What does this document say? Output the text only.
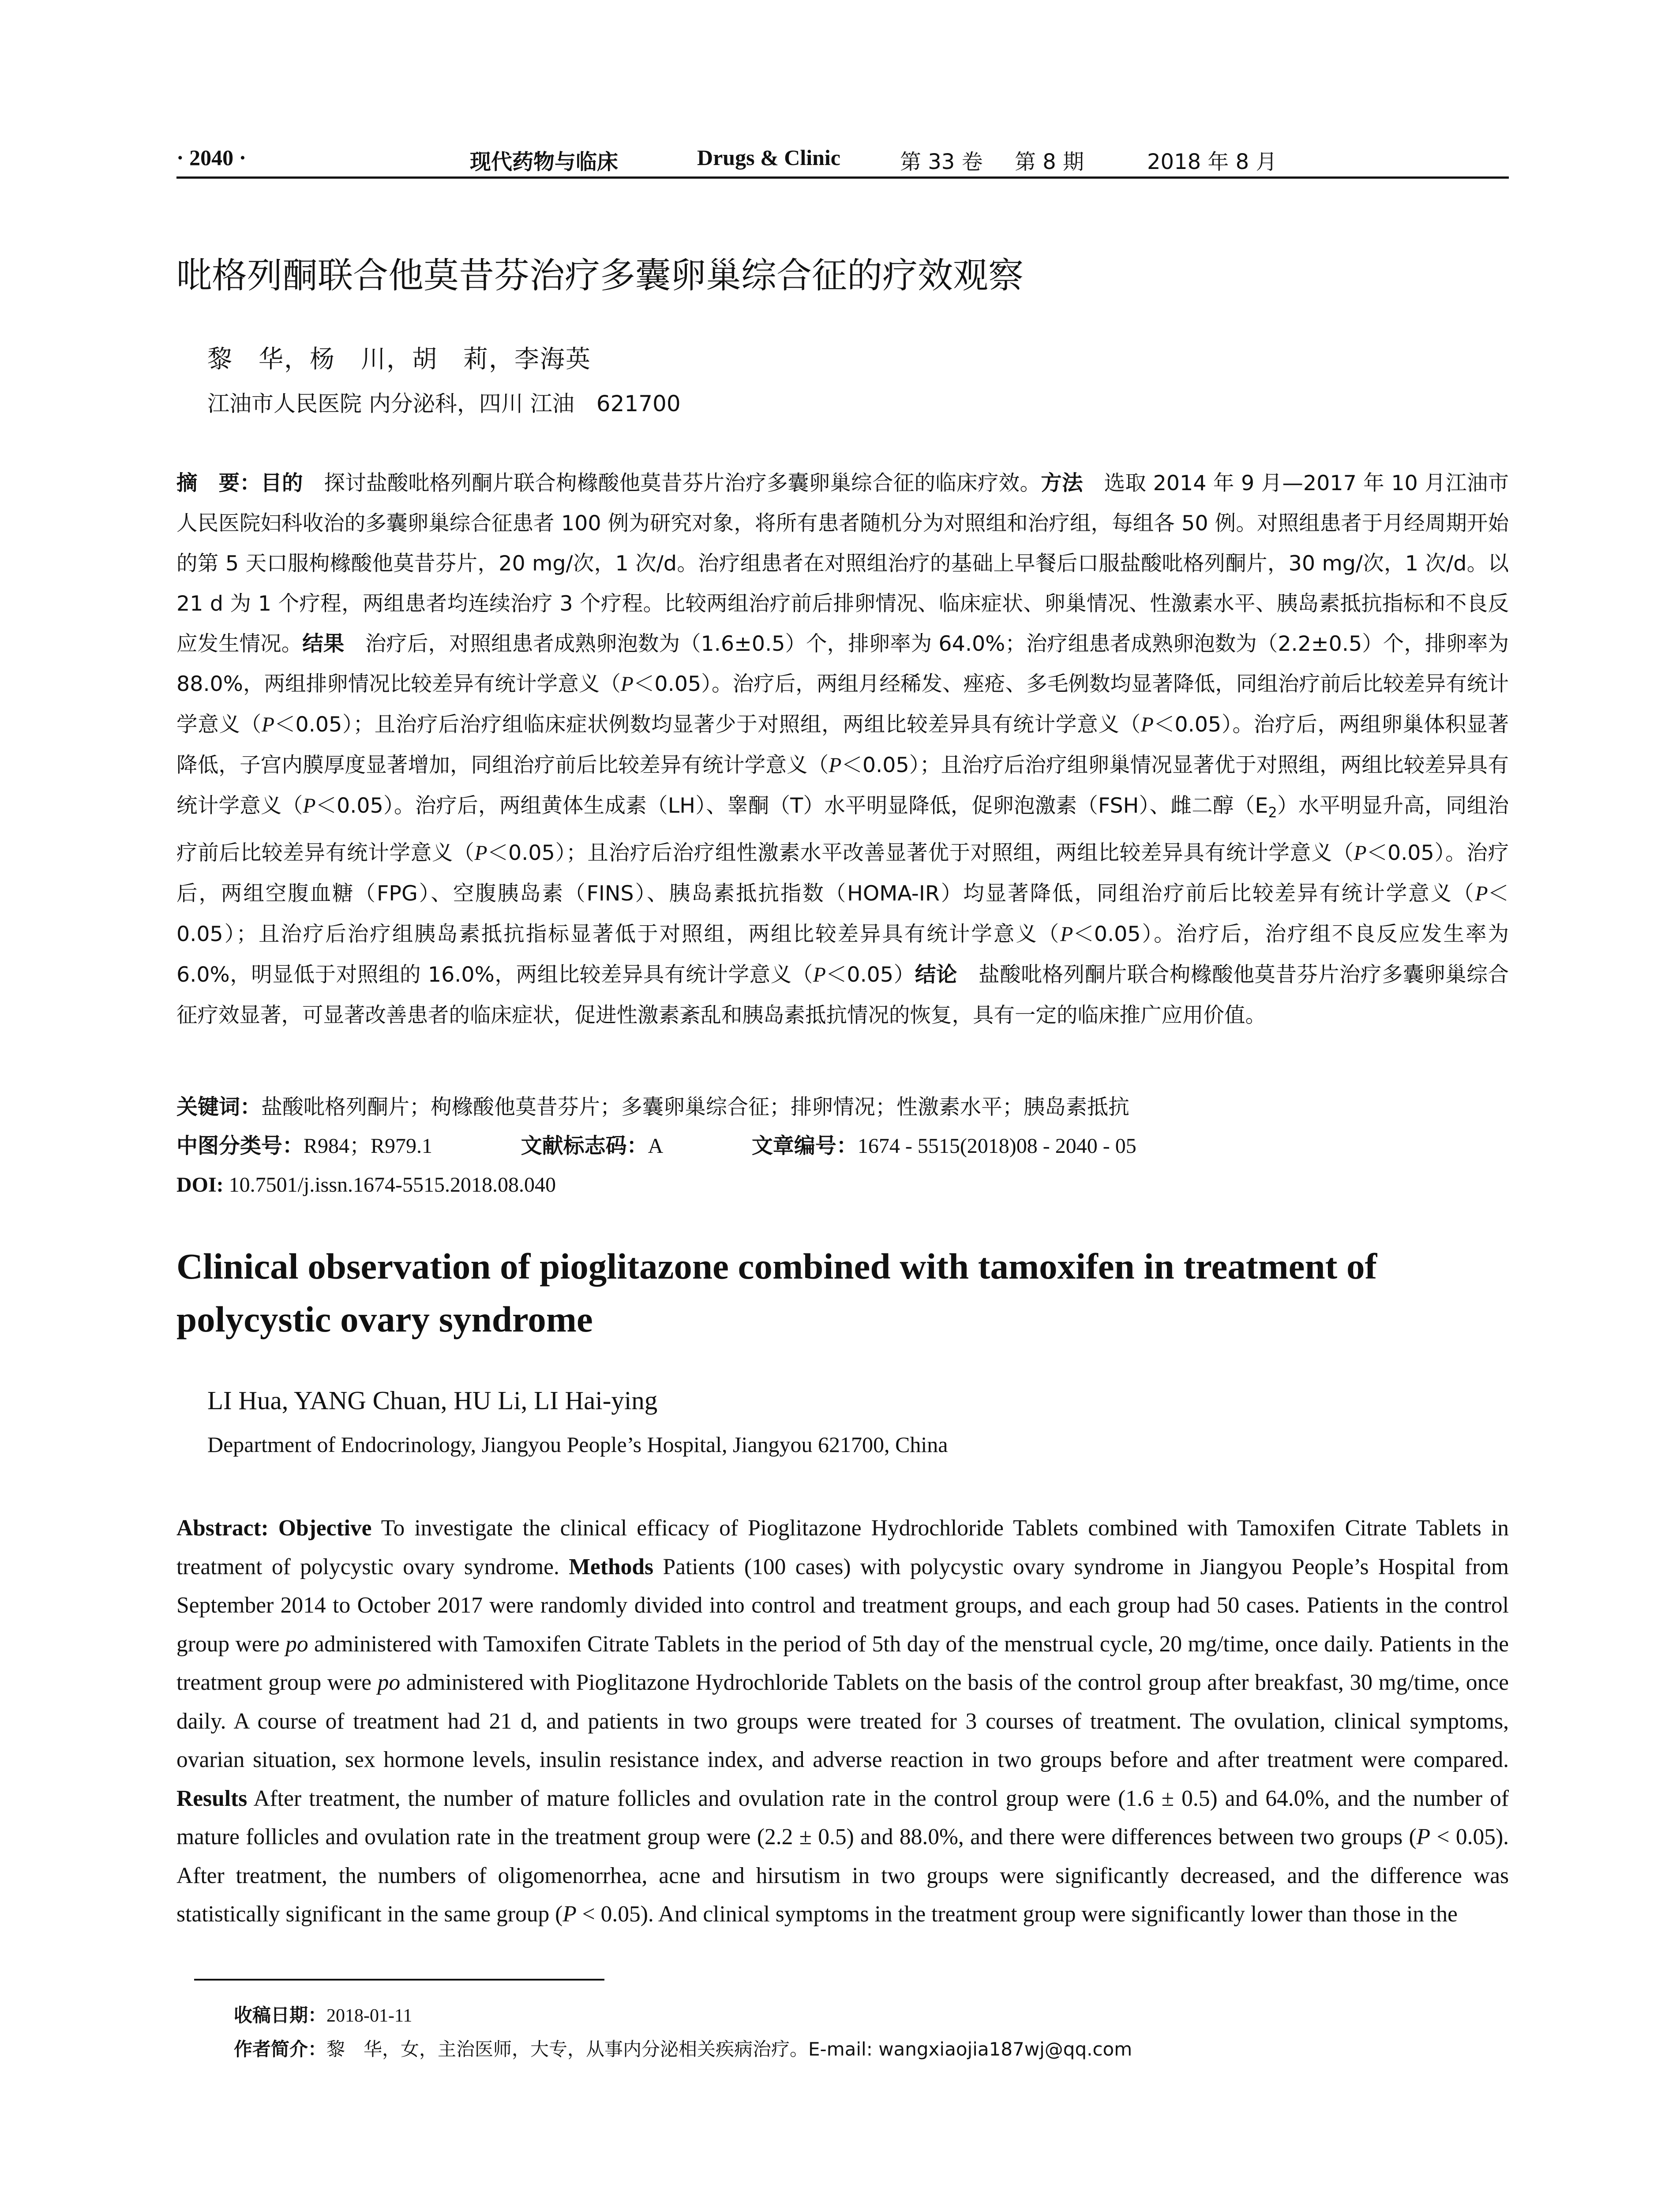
· 2040 ·	现代药物与临床	Drugs & Clinic	第 33 卷 第 8 期	2018 年 8 月
吡格列酮联合他莫昔芬治疗多囊卵巢综合征的疗效观察
黎　华，杨　川，胡　莉，李海英
江油市人民医院 内分泌科，四川 江油　621700
摘　要：目的　探讨盐酸吡格列酮片联合枸橼酸他莫昔芬片治疗多囊卵巢综合征的临床疗效。方法　选取 2014 年 9 月—2017 年 10 月江油市人民医院妇科收治的多囊卵巢综合征患者 100 例为研究对象，将所有患者随机分为对照组和治疗组，每组各 50 例。对照组患者于月经周期开始的第 5 天口服枸橼酸他莫昔芬片，20 mg/次，1 次/d。治疗组患者在对照组治疗的基础上早餐后口服盐酸吡格列酮片，30 mg/次，1 次/d。以 21 d 为 1 个疗程，两组患者均连续治疗 3 个疗程。比较两组治疗前后排卵情况、临床症状、卵巢情况、性激素水平、胰岛素抵抗指标和不良反应发生情况。结果　治疗后，对照组患者成熟卵泡数为（1.6±0.5）个，排卵率为 64.0%；治疗组患者成熟卵泡数为（2.2±0.5）个，排卵率为 88.0%，两组排卵情况比较差异有统计学意义（P＜0.05）。治疗后，两组月经稀发、痤疮、多毛例数均显著降低，同组治疗前后比较差异有统计学意义（P＜0.05）；且治疗后治疗组临床症状例数均显著少于对照组，两组比较差异具有统计学意义（P＜0.05）。治疗后，两组卵巢体积显著降低，子宫内膜厚度显著增加，同组治疗前后比较差异有统计学意义（P＜0.05）；且治疗后治疗组卵巢情况显著优于对照组，两组比较差异具有统计学意义（P＜0.05）。治疗后，两组黄体生成素（LH）、睾酮（T）水平明显降低，促卵泡激素（FSH）、雌二醇$(E_2)$水平明显升高，同组治疗前后比较差异有统计学意义（P＜0.05）；且治疗后治疗组性激素水平改善显著优于对照组，两组比较差异具有统计学意义（P＜0.05）。治疗后，两组空腹血糖（FPG）、空腹胰岛素（FINS）、胰岛素抵抗指数（HOMA-IR）均显著降低，同组治疗前后比较差异有统计学意义（P＜0.05）；且治疗后治疗组胰岛素抵抗指标显著低于对照组，两组比较差异具有统计学意义（P＜0.05）。治疗后，治疗组不良反应发生率为 6.0%，明显低于对照组的 16.0%，两组比较差异具有统计学意义（P＜0.05）结论　盐酸吡格列酮片联合枸橼酸他莫昔芬片治疗多囊卵巢综合征疗效显著，可显著改善患者的临床症状，促进性激素紊乱和胰岛素抵抗情况的恢复，具有一定的临床推广应用价值。
关键词：盐酸吡格列酮片；枸橼酸他莫昔芬片；多囊卵巢综合征；排卵情况；性激素水平；胰岛素抵抗
中图分类号：R984；R979.1	文献标志码：A	文章编号：1674 - 5515(2018)08 - 2040 - 05
DOI: 10.7501/j.issn.1674-5515.2018.08.040
Clinical observation of pioglitazone combined with tamoxifen in treatment of polycystic ovary syndrome
LI Hua, YANG Chuan, HU Li, LI Hai-ying
Department of Endocrinology, Jiangyou People’s Hospital, Jiangyou 621700, China
Abstract: Objective To investigate the clinical efficacy of Pioglitazone Hydrochloride Tablets combined with Tamoxifen Citrate Tablets in treatment of polycystic ovary syndrome. Methods Patients (100 cases) with polycystic ovary syndrome in Jiangyou People’s Hospital from September 2014 to October 2017 were randomly divided into control and treatment groups, and each group had 50 cases. Patients in the control group were po administered with Tamoxifen Citrate Tablets in the period of 5th day of the menstrual cycle, 20 mg/time, once daily. Patients in the treatment group were po administered with Pioglitazone Hydrochloride Tablets on the basis of the control group after breakfast, 30 mg/time, once daily. A course of treatment had 21 d, and patients in two groups were treated for 3 courses of treatment. The ovulation, clinical symptoms, ovarian situation, sex hormone levels, insulin resistance index, and adverse reaction in two groups before and after treatment were compared. Results After treatment, the number of mature follicles and ovulation rate in the control group were (1.6 ± 0.5) and 64.0%, and the number of mature follicles and ovulation rate in the treatment group were (2.2 ± 0.5) and 88.0%, and there were differences between two groups (P < 0.05). After treatment, the numbers of oligomenorrhea, acne and hirsutism in two groups were significantly decreased, and the difference was statistically significant in the same group (P < 0.05). And clinical symptoms in the treatment group were significantly lower than those in the
收稿日期：2018-01-11
作者简介：黎　华，女，主治医师，大专，从事内分泌相关疾病治疗。E-mail: wangxiaojia187wj@qq.com
